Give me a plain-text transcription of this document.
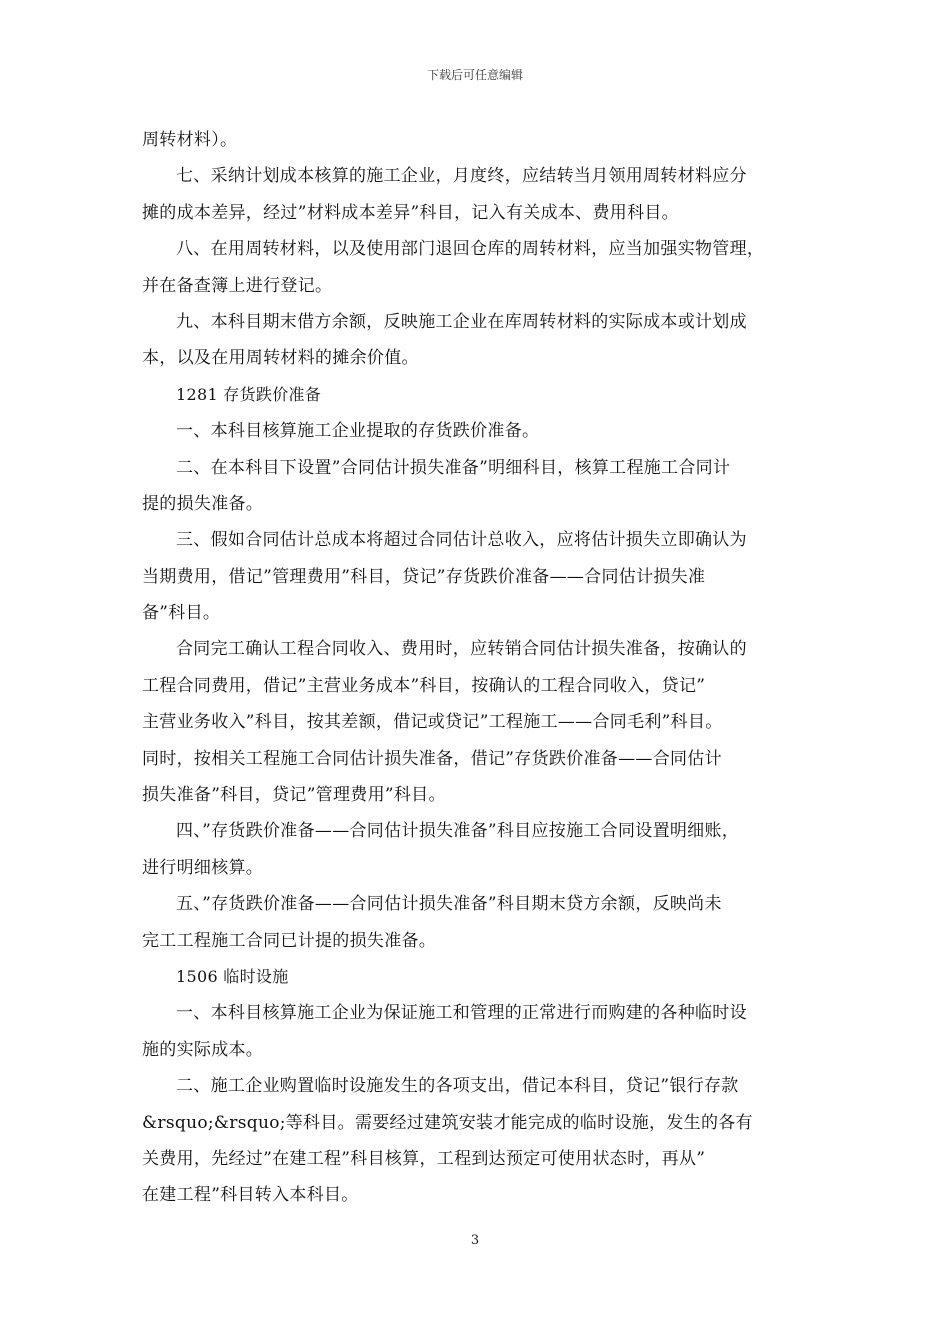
下载后可任意编辑
周转材料）。
七、采纳计划成本核算的施工企业，月度终，应结转当月领用周转材料应分
摊的成本差异，经过”材料成本差异”科目，记入有关成本、费用科目。
八、在用周转材料，以及使用部门退回仓库的周转材料，应当加强实物管理，
并在备查簿上进行登记。
九、本科目期末借方余额，反映施工企业在库周转材料的实际成本或计划成
本，以及在用周转材料的摊余价值。
1281 存货跌价准备
一、本科目核算施工企业提取的存货跌价准备。
二、在本科目下设置”合同估计损失准备”明细科目，核算工程施工合同计
提的损失准备。
三、假如合同估计总成本将超过合同估计总收入，应将估计损失立即确认为
当期费用，借记”管理费用”科目，贷记”存货跌价准备——合同估计损失准
备”科目。
合同完工确认工程合同收入、费用时，应转销合同估计损失准备，按确认的
工程合同费用，借记”主营业务成本”科目，按确认的工程合同收入，贷记”
主营业务收入”科目，按其差额，借记或贷记”工程施工——合同毛利”科目。
同时，按相关工程施工合同估计损失准备，借记”存货跌价准备——合同估计
损失准备”科目，贷记”管理费用”科目。
四、”存货跌价准备——合同估计损失准备”科目应按施工合同设置明细账，
进行明细核算。
五、”存货跌价准备——合同估计损失准备”科目期末贷方余额，反映尚未
完工工程施工合同已计提的损失准备。
1506 临时设施
一、本科目核算施工企业为保证施工和管理的正常进行而购建的各种临时设
施的实际成本。
二、施工企业购置临时设施发生的各项支出，借记本科目，贷记”银行存款
&rsquo;&rsquo;等科目。需要经过建筑安装才能完成的临时设施，发生的各有
关费用，先经过”在建工程”科目核算，工程到达预定可使用状态时，再从”
在建工程”科目转入本科目。
3
